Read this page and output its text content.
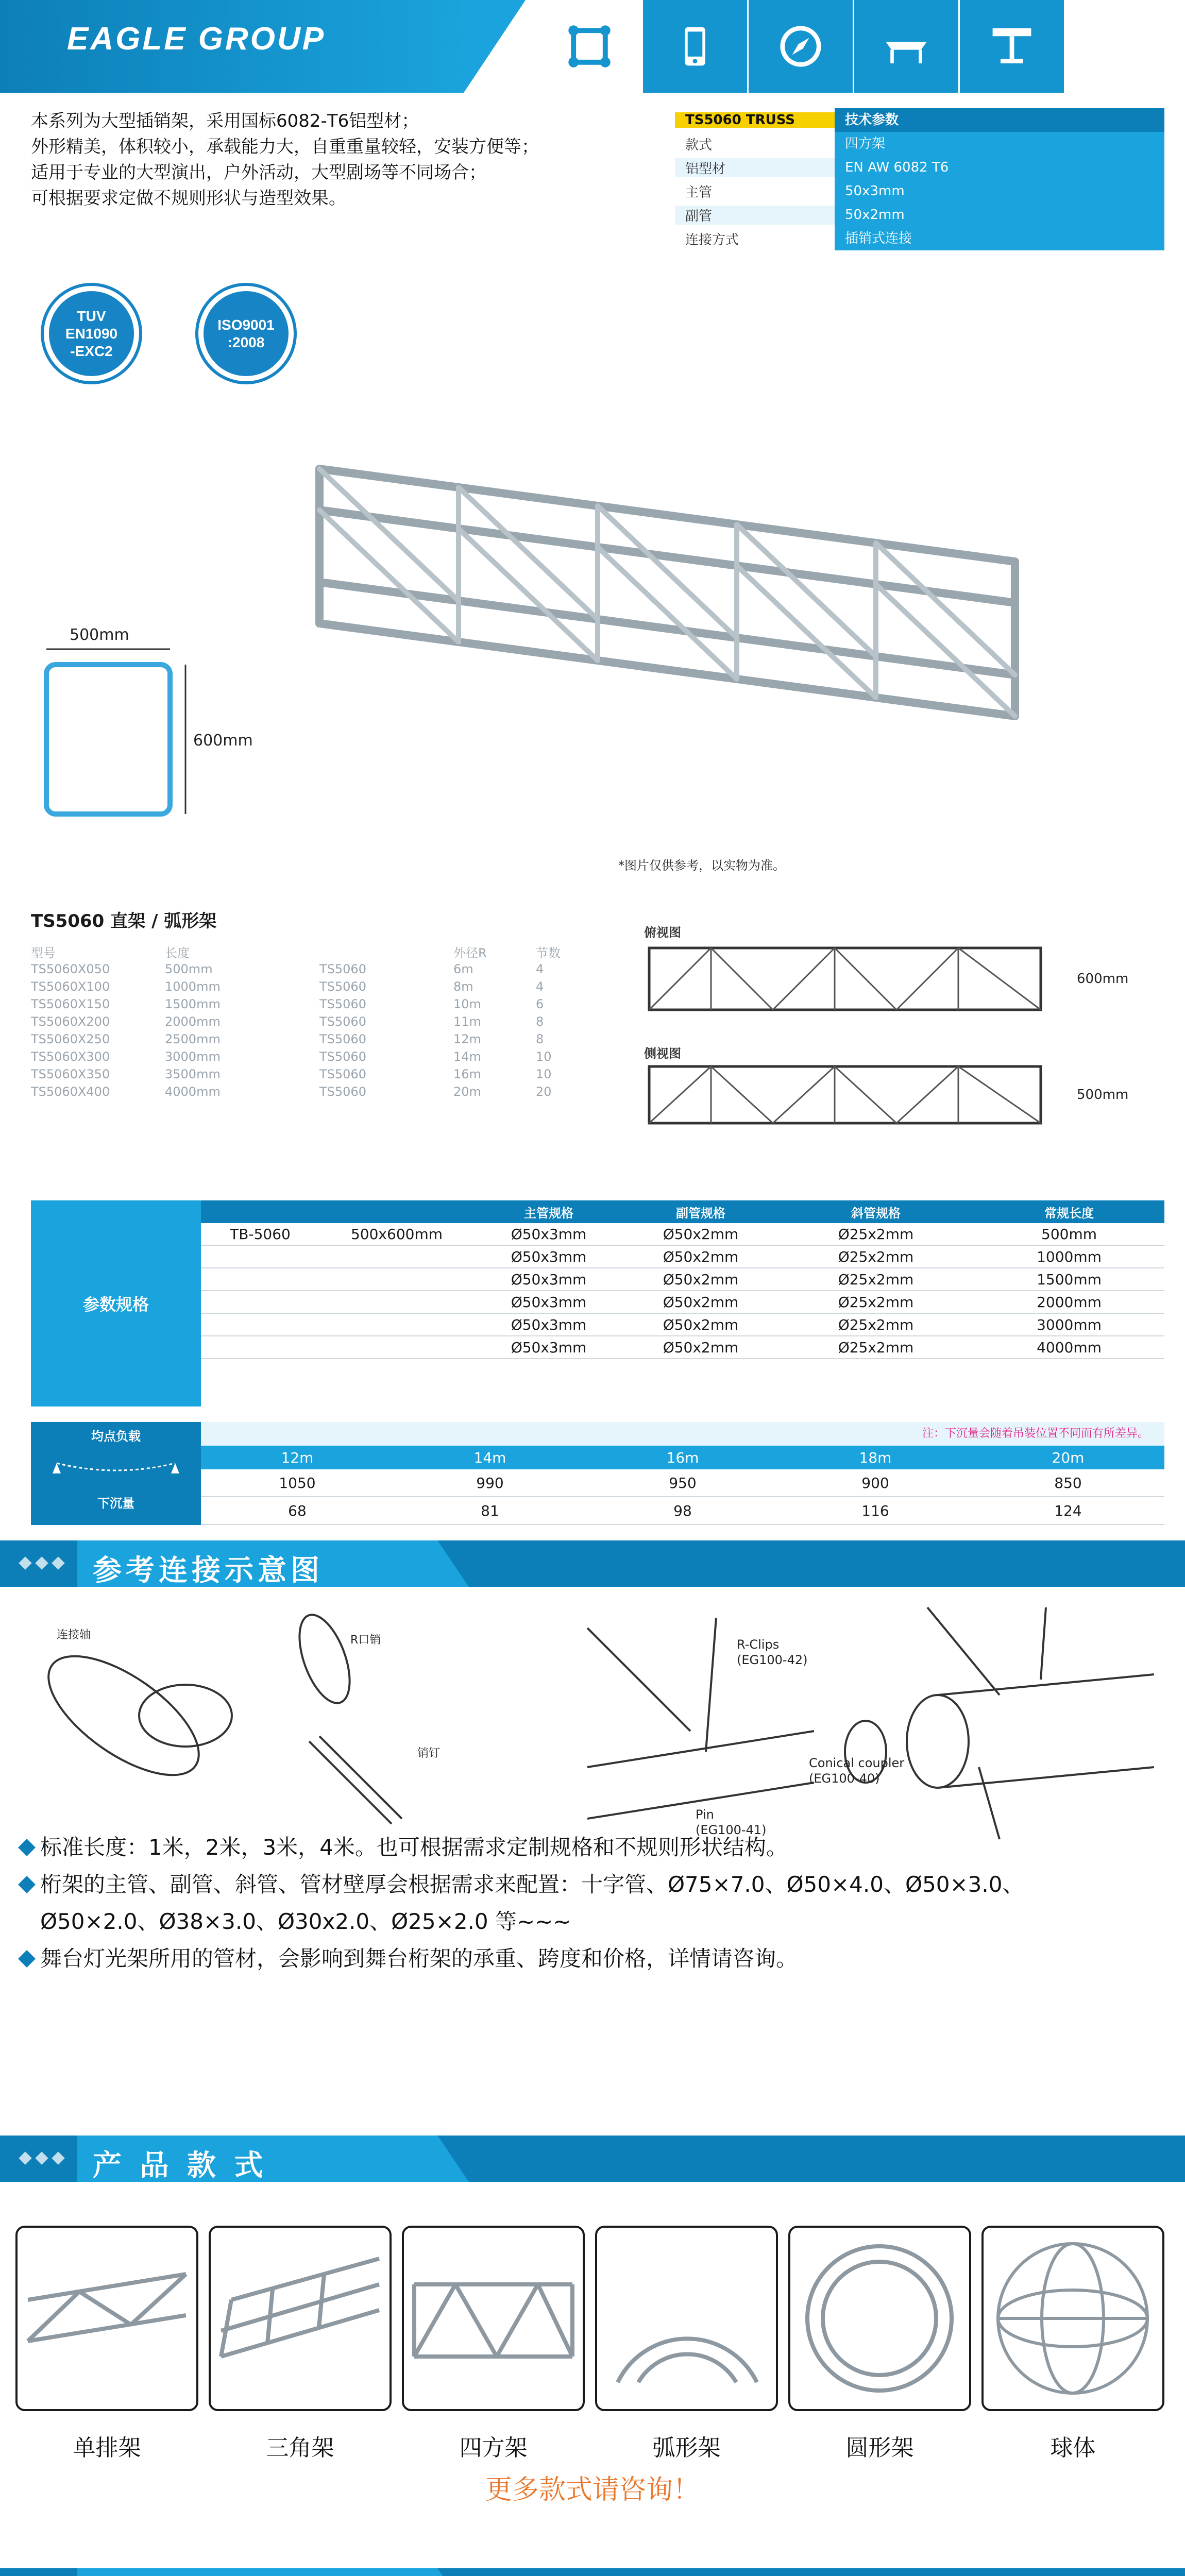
EAGLE GROUP
本系列为大型插销架，采用国标6082-T6铝型材；
外形精美，体积较小，承载能力大，自重重量较轻，安装方便等；
适用于专业的大型演出，户外活动，大型剧场等不同场合；
可根据要求定做不规则形状与造型效果。
TS5060 TRUSS	技术参数
款式	四方架
铝型材	EN AW 6082 T6
主管	50x3mm
副管	50x2mm
连接方式	插销式连接
TUV
EN1090
-EXC2
ISO9001
:2008
500mm
600mm
*图片仅供参考，以实物为准。
TS5060 直架 / 弧形架
型号	长度	外径R	节数
TS5060X050	500mm	TS5060	6m	4
TS5060X100	1000mm	TS5060	8m	4
TS5060X150	1500mm	TS5060	10m	6
TS5060X200	2000mm	TS5060	11m	8
TS5060X250	2500mm	TS5060	12m	8
TS5060X300	3000mm	TS5060	14m	10
TS5060X350	3500mm	TS5060	16m	10
TS5060X400	4000mm	TS5060	20m	20
俯视图
600mm
侧视图
500mm
参数规格
主管规格	副管规格	斜管规格	常规长度
TB-5060	500x600mm	Ø50x3mm	Ø50x2mm	Ø25x2mm	500mm
Ø50x3mm	Ø50x2mm	Ø25x2mm	1000mm
Ø50x3mm	Ø50x2mm	Ø25x2mm	1500mm
Ø50x3mm	Ø50x2mm	Ø25x2mm	2000mm
Ø50x3mm	Ø50x2mm	Ø25x2mm	3000mm
Ø50x3mm	Ø50x2mm	Ø25x2mm	4000mm
均点负载
下沉量
注：下沉量会随着吊装位置不同而有所差异。
12m	14m	16m	18m	20m
1050	990	950	900	850
68	81	98	116	124
参考连接示意图
连接轴	R口销
销钉
R-Clips
(EG100-42)
Conical coupler
(EG100-40)
Pin
(EG100-41)
标准长度：1米，2米，3米，4米。也可根据需求定制规格和不规则形状结构。
桁架的主管、副管、斜管、管材壁厚会根据需求来配置：十字管、Ø75×7.0、Ø50×4.0、Ø50×3.0、
Ø50×2.0、Ø38×3.0、Ø30x2.0、Ø25×2.0 等~~~
舞台灯光架所用的管材，会影响到舞台桁架的承重、跨度和价格，详情请咨询。
产 品 款 式
单排架	三角架	四方架	弧形架	圆形架	球体
更多款式请咨询！
